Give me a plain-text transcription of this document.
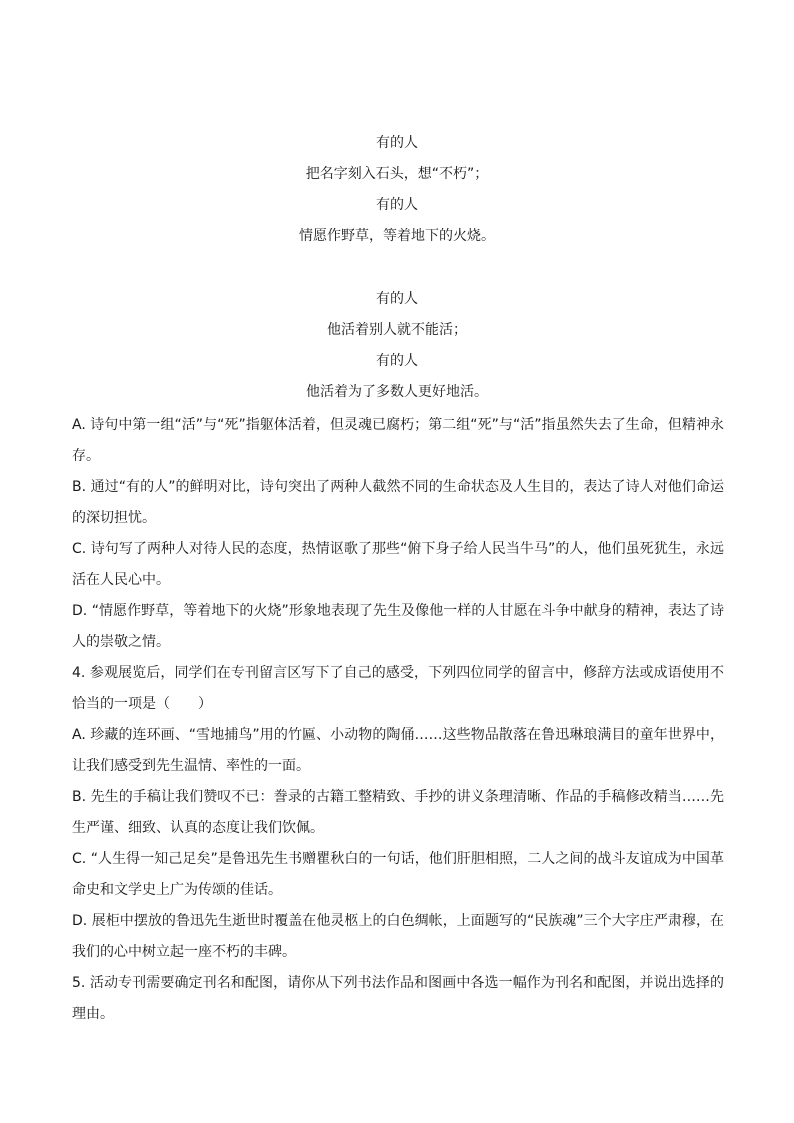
有的人
把名字刻入石头，想“不朽”；
有的人
情愿作野草，等着地下的火烧。
有的人
他活着别人就不能活；
有的人
他活着为了多数人更好地活。
A. 诗句中第一组“活”与“死”指躯体活着，但灵魂已腐朽；第二组“死”与“活”指虽然失去了生命，但精神永存。
B. 通过“有的人”的鲜明对比，诗句突出了两种人截然不同的生命状态及人生目的，表达了诗人对他们命运的深切担忧。
C. 诗句写了两种人对待人民的态度，热情讴歌了那些“俯下身子给人民当牛马”的人，他们虽死犹生，永远活在人民心中。
D. “情愿作野草，等着地下的火烧”形象地表现了先生及像他一样的人甘愿在斗争中献身的精神，表达了诗人的崇敬之情。
4. 参观展览后，同学们在专刊留言区写下了自己的感受，下列四位同学的留言中，修辞方法或成语使用不恰当的一项是（　　）
A. 珍藏的连环画、“雪地捕鸟”用的竹匾、小动物的陶俑……这些物品散落在鲁迅琳琅满目的童年世界中，让我们感受到先生温情、率性的一面。
B. 先生的手稿让我们赞叹不已：誊录的古籍工整精致、手抄的讲义条理清晰、作品的手稿修改精当……先生严谨、细致、认真的态度让我们饮佩。
C. “人生得一知己足矣”是鲁迅先生书赠瞿秋白的一句话，他们肝胆相照，二人之间的战斗友谊成为中国革命史和文学史上广为传颂的佳话。
D. 展柜中摆放的鲁迅先生逝世时覆盖在他灵柩上的白色绸帐，上面题写的“民族魂”三个大字庄严肃穆，在我们的心中树立起一座不朽的丰碑。
5. 活动专刊需要确定刊名和配图，请你从下列书法作品和图画中各选一幅作为刊名和配图，并说出选择的理由。
